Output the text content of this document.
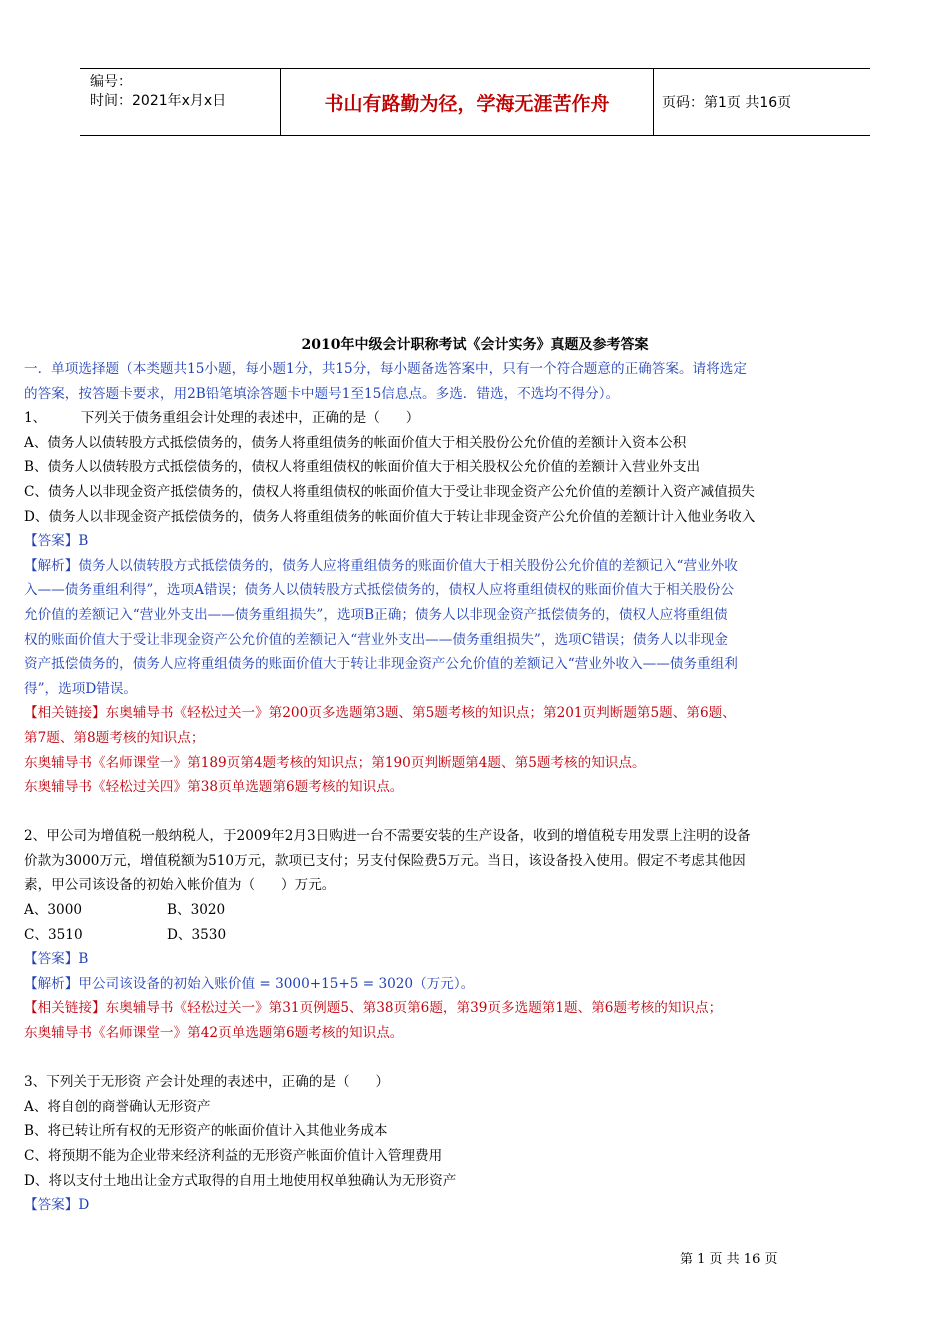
编号：
时间：2021年x月x日	书山有路勤为径，学海无涯苦作舟	页码：第1页 共16页
2010年中级会计职称考试《会计实务》真题及参考答案

一．单项选择题（本类题共15小题，每小题1分，共15分，每小题备选答案中，只有一个符合题意的正确答案。请将选定

的答案，按答题卡要求，用2B铅笔填涂答题卡中题号1至15信息点。多选．错选，不选均不得分）。

1、        下列关于债务重组会计处理的表述中，正确的是（      ）

A、债务人以债转股方式抵偿债务的，债务人将重组债务的帐面价值大于相关股份公允价值的差额计入资本公积

B、债务人以债转股方式抵偿债务的，债权人将重组债权的帐面价值大于相关股权公允价值的差额计入营业外支出

C、债务人以非现金资产抵偿债务的，债权人将重组债权的帐面价值大于受让非现金资产公允价值的差额计入资产减值损失

D、债务人以非现金资产抵偿债务的，债务人将重组债务的帐面价值大于转让非现金资产公允价值的差额计计入他业务收入

【答案】B

【解析】债务人以债转股方式抵偿债务的，债务人应将重组债务的账面价值大于相关股份公允价值的差额记入“营业外收

入——债务重组利得”，选项A错误；债务人以债转股方式抵偿债务的，债权人应将重组债权的账面价值大于相关股份公

允价值的差额记入“营业外支出——债务重组损失”，选项B正确；债务人以非现金资产抵偿债务的，债权人应将重组债

权的账面价值大于受让非现金资产公允价值的差额记入“营业外支出——债务重组损失”，选项C错误；债务人以非现金

资产抵偿债务的，债务人应将重组债务的账面价值大于转让非现金资产公允价值的差额记入“营业外收入——债务重组利

得”，选项D错误。

【相关链接】东奥辅导书《轻松过关一》第200页多选题第3题、第5题考核的知识点；第201页判断题第5题、第6题、

第7题、第8题考核的知识点；

东奥辅导书《名师课堂一》第189页第4题考核的知识点；第190页判断题第4题、第5题考核的知识点。

东奥辅导书《轻松过关四》第38页单选题第6题考核的知识点。

2、甲公司为增值税一般纳税人，于2009年2月3日购进一台不需要安装的生产设备，收到的增值税专用发票上注明的设备

价款为3000万元，增值税额为510万元，款项已支付；另支付保险费5万元。当日，该设备投入使用。假定不考虑其他因

素，甲公司该设备的初始入帐价值为（      ）万元。

A、3000	B、3020

C、3510	D、3530

【答案】B

【解析】甲公司该设备的初始入账价值 = 3000+15+5 = 3020（万元）。

【相关链接】东奥辅导书《轻松过关一》第31页例题5、第38页第6题，第39页多选题第1题、第6题考核的知识点；

东奥辅导书《名师课堂一》第42页单选题第6题考核的知识点。

3、下列关于无形资 产会计处理的表述中，正确的是（      ）

A、将自创的商誉确认无形资产

B、将已转让所有权的无形资产的帐面价值计入其他业务成本

C、将预期不能为企业带来经济利益的无形资产帐面价值计入管理费用

D、将以支付土地出让金方式取得的自用土地使用权单独确认为无形资产

【答案】D

第 1 页 共 16 页
